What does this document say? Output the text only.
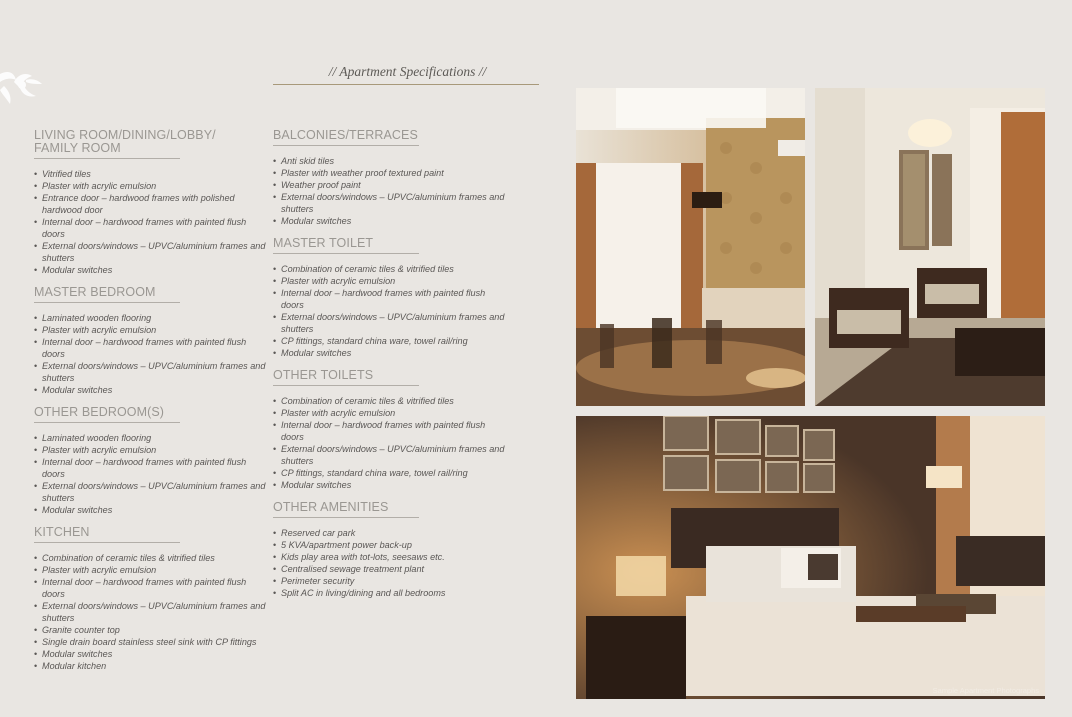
// Apartment Specifications //
LIVING ROOM/DINING/LOBBY/ FAMILY ROOM
• Vitrified tiles
• Plaster with acrylic emulsion
• Entrance door – hardwood frames with polished hardwood door
• Internal door – hardwood frames with painted flush doors
• External doors/windows – UPVC/aluminium frames and shutters
• Modular switches
MASTER BEDROOM
• Laminated wooden flooring
• Plaster with acrylic emulsion
• Internal door – hardwood frames with painted flush doors
• External doors/windows – UPVC/aluminium frames and shutters
• Modular switches
OTHER BEDROOM(S)
• Laminated wooden flooring
• Plaster with acrylic emulsion
• Internal door – hardwood frames with painted flush doors
• External doors/windows – UPVC/aluminium frames and shutters
• Modular switches
KITCHEN
• Combination of ceramic tiles & vitrified tiles
• Plaster with acrylic emulsion
• Internal door – hardwood frames with painted flush doors
• External doors/windows – UPVC/aluminium frames and shutters
• Granite counter top
• Single drain board stainless steel sink with CP fittings
• Modular switches
• Modular kitchen
BALCONIES/TERRACES
• Anti skid tiles
• Plaster with weather proof textured paint
• Weather proof paint
• External doors/windows – UPVC/aluminium frames and shutters
• Modular switches
MASTER TOILET
• Combination of ceramic tiles & vitrified tiles
• Plaster with acrylic emulsion
• Internal door – hardwood frames with painted flush doors
• External doors/windows – UPVC/aluminium frames and shutters
• CP fittings, standard china ware, towel rail/ring
• Modular switches
OTHER TOILETS
• Combination of ceramic tiles & vitrified tiles
• Plaster with acrylic emulsion
• Internal door – hardwood frames with painted flush doors
• External doors/windows – UPVC/aluminium frames and shutters
• CP fittings, standard china ware, towel rail/ring
• Modular switches
OTHER AMENITIES
• Reserved car park
• 5 KVA/apartment power back-up
• Kids play area with tot-lots, seesaws etc.
• Centralised sewage treatment plant
• Perimeter security
• Split AC in living/dining and all bedrooms
Sample Apartment Photographs
